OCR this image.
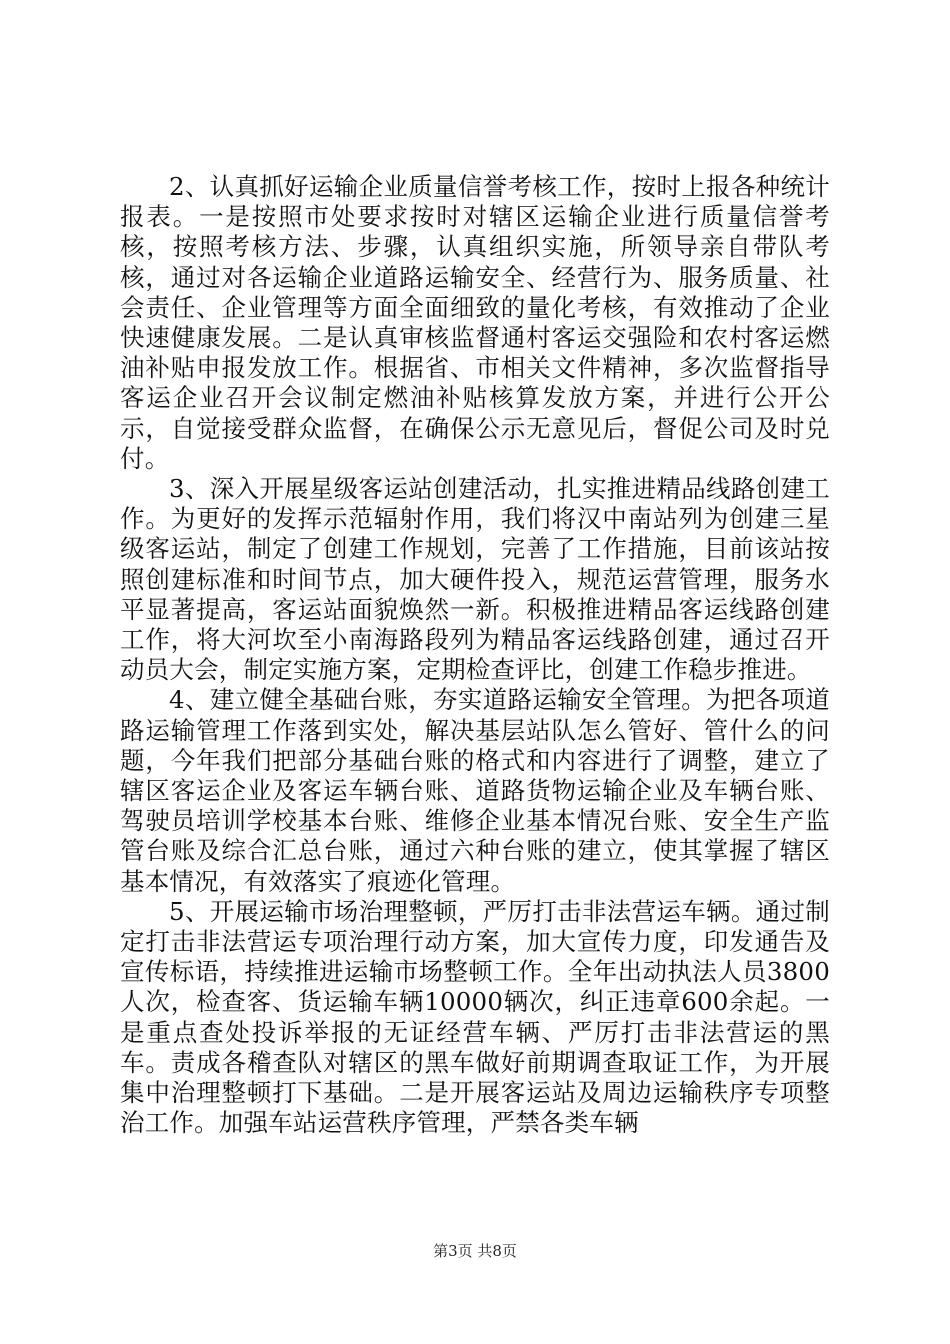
2、认真抓好运输企业质量信誉考核工作，按时上报各种统计报表。一是按照市处要求按时对辖区运输企业进行质量信誉考核，按照考核方法、步骤，认真组织实施，所领导亲自带队考核，通过对各运输企业道路运输安全、经营行为、服务质量、社会责任、企业管理等方面全面细致的量化考核，有效推动了企业快速健康发展。二是认真审核监督通村客运交强险和农村客运燃油补贴申报发放工作。根据省、市相关文件精神，多次监督指导客运企业召开会议制定燃油补贴核算发放方案，并进行公开公示，自觉接受群众监督，在确保公示无意见后，督促公司及时兑付。

3、深入开展星级客运站创建活动，扎实推进精品线路创建工作。为更好的发挥示范辐射作用，我们将汉中南站列为创建三星级客运站，制定了创建工作规划，完善了工作措施，目前该站按照创建标准和时间节点，加大硬件投入，规范运营管理，服务水平显著提高，客运站面貌焕然一新。积极推进精品客运线路创建工作，将大河坎至小南海路段列为精品客运线路创建，通过召开动员大会，制定实施方案，定期检查评比，创建工作稳步推进。

4、建立健全基础台账，夯实道路运输安全管理。为把各项道路运输管理工作落到实处，解决基层站队怎么管好、管什么的问题，今年我们把部分基础台账的格式和内容进行了调整，建立了辖区客运企业及客运车辆台账、道路货物运输企业及车辆台账、驾驶员培训学校基本台账、维修企业基本情况台账、安全生产监管台账及综合汇总台账，通过六种台账的建立，使其掌握了辖区基本情况，有效落实了痕迹化管理。

5、开展运输市场治理整顿，严厉打击非法营运车辆。通过制定打击非法营运专项治理行动方案，加大宣传力度，印发通告及宣传标语，持续推进运输市场整顿工作。全年出动执法人员3800人次，检查客、货运输车辆10000辆次，纠正违章600余起。一是重点查处投诉举报的无证经营车辆、严厉打击非法营运的黑车。责成各稽查队对辖区的黑车做好前期调查取证工作，为开展集中治理整顿打下基础。二是开展客运站及周边运输秩序专项整治工作。加强车站运营秩序管理，严禁各类车辆

第3页 共8页
